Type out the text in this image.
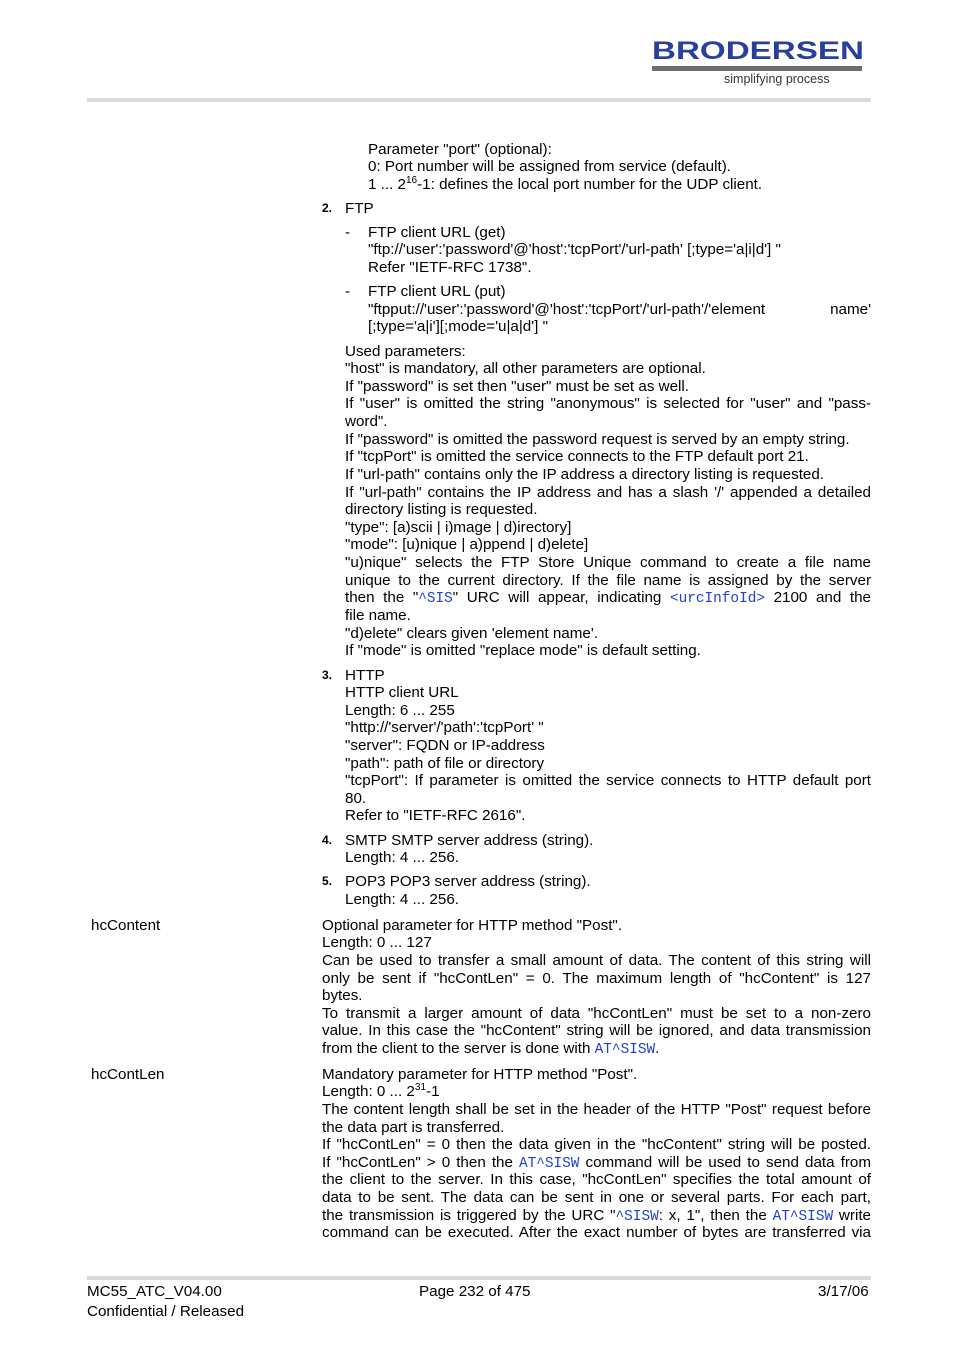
BRODERSEN
simplifying process
Parameter "port" (optional):
0: Port number will be assigned from service (default).
1 ... $2^{16}-1$: defines the local port number for the UDP client.
2. FTP
- FTP client URL (get)
"ftp://'user':'password'@'host':'tcpPort'/'url-path' [;type='a|i|d'] "
Refer "IETF-RFC 1738".
- FTP client URL (put)
"ftpput://'user':'password'@'host':'tcpPort'/'url-path'/'element name'
[;type='a|i'][;mode='u|a|d'] "
Used parameters:
"host" is mandatory, all other parameters are optional.
If "password" is set then "user" must be set as well.
If "user" is omitted the string "anonymous" is selected for "user" and "pass-
word".
If "password" is omitted the password request is served by an empty string.
If "tcpPort" is omitted the service connects to the FTP default port 21.
If "url-path" contains only the IP address a directory listing is requested.
If "url-path" contains the IP address and has a slash '/' appended a detailed
directory listing is requested.
"type": [a)scii | i)mage | d)irectory]
"mode": [u)nique | a)ppend | d)elete]
"u)nique" selects the FTP Store Unique command to create a file name
unique to the current directory. If the file name is assigned by the server
then the "^SIS" URC will appear, indicating <urcInfoId> 2100 and the
file name.
"d)elete" clears given 'element name'.
If "mode" is omitted "replace mode" is default setting.
3. HTTP
HTTP client URL
Length: 6 ... 255
"http://'server'/'path':'tcpPort' "
"server": FQDN or IP-address
"path": path of file or directory
"tcpPort": If parameter is omitted the service connects to HTTP default port
80.
Refer to "IETF-RFC 2616".
4. SMTP SMTP server address (string).
Length: 4 ... 256.
5. POP3 POP3 server address (string).
Length: 4 ... 256.
hcContent	Optional parameter for HTTP method "Post".
Length: 0 ... 127
Can be used to transfer a small amount of data. The content of this string will
only be sent if "hcContLen" = 0. The maximum length of "hcContent" is 127
bytes.
To transmit a larger amount of data "hcContLen" must be set to a non-zero
value. In this case the "hcContent" string will be ignored, and data transmission
from the client to the server is done with AT^SISW.
hcContLen	Mandatory parameter for HTTP method "Post".
Length: 0 ... $2^{31}-1$
The content length shall be set in the header of the HTTP "Post" request before
the data part is transferred.
If "hcContLen" = 0 then the data given in the "hcContent" string will be posted.
If "hcContLen" > 0 then the AT^SISW command will be used to send data from
the client to the server. In this case, "hcContLen" specifies the total amount of
data to be sent. The data can be sent in one or several parts. For each part,
the transmission is triggered by the URC "^SISW: x, 1", then the AT^SISW write
command can be executed. After the exact number of bytes are transferred via
MC55_ATC_V04.00
Confidential / Released
Page 232 of 475	3/17/06
